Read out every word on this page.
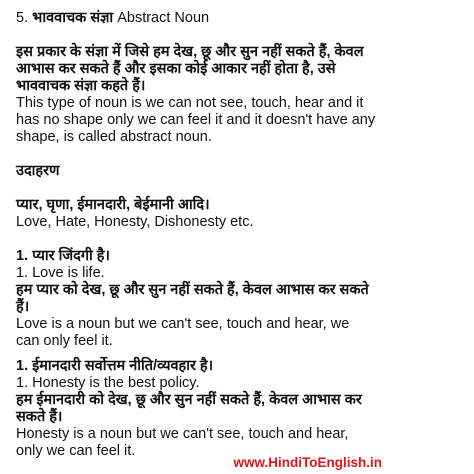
5. भाववाचक संज्ञा Abstract Noun
इस प्रकार के संज्ञा में जिसे हम देख, छू और सुन नहीं सकते हैं, केवल
आभास कर सकते हैं और इसका कोई आकार नहीं होता है, उसे
भाववाचक संज्ञा कहते हैं।
This type of noun is we can not see, touch, hear and it
has no shape only we can feel it and it doesn't have any
shape, is called abstract noun.
उदाहरण
प्यार, घृणा, ईमानदारी, बेईमानी आदि।
Love, Hate, Honesty, Dishonesty etc.
1. प्यार जिंदगी है।
1. Love is life.
हम प्यार को देख, छू और सुन नहीं सकते हैं, केवल आभास कर सकते
हैं।
Love is a noun but we can't see, touch and hear, we
can only feel it.
1. ईमानदारी सर्वोत्तम नीति/व्यवहार है।
1. Honesty is the best policy.
हम ईमानदारी को देख, छू और सुन नहीं सकते हैं, केवल आभास कर
सकते हैं।
Honesty is a noun but we can't see, touch and hear,
only we can feel it.
www.HindiToEnglish.in
